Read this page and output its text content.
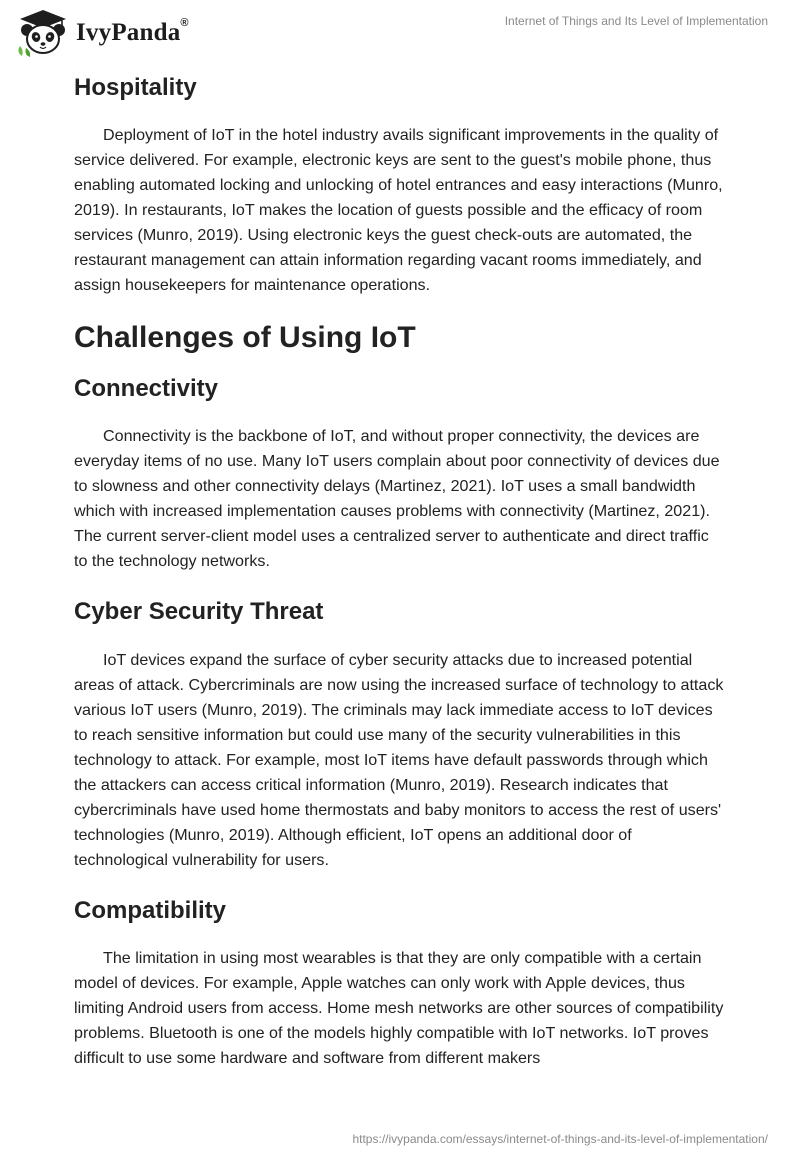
IvyPanda®	Internet of Things and Its Level of Implementation
Hospitality

Deployment of IoT in the hotel industry avails significant improvements in the quality of service delivered. For example, electronic keys are sent to the guest's mobile phone, thus enabling automated locking and unlocking of hotel entrances and easy interactions (Munro, 2019). In restaurants, IoT makes the location of guests possible and the efficacy of room services (Munro, 2019). Using electronic keys the guest check-outs are automated, the restaurant management can attain information regarding vacant rooms immediately, and assign housekeepers for maintenance operations.

Challenges of Using IoT
Connectivity

Connectivity is the backbone of IoT, and without proper connectivity, the devices are everyday items of no use. Many IoT users complain about poor connectivity of devices due to slowness and other connectivity delays (Martinez, 2021). IoT uses a small bandwidth which with increased implementation causes problems with connectivity (Martinez, 2021). The current server-client model uses a centralized server to authenticate and direct traffic to the technology networks.

Cyber Security Threat

IoT devices expand the surface of cyber security attacks due to increased potential areas of attack. Cybercriminals are now using the increased surface of technology to attack various IoT users (Munro, 2019). The criminals may lack immediate access to IoT devices to reach sensitive information but could use many of the security vulnerabilities in this technology to attack. For example, most IoT items have default passwords through which the attackers can access critical information (Munro, 2019). Research indicates that cybercriminals have used home thermostats and baby monitors to access the rest of users' technologies (Munro, 2019). Although efficient, IoT opens an additional door of technological vulnerability for users.

Compatibility

The limitation in using most wearables is that they are only compatible with a certain model of devices. For example, Apple watches can only work with Apple devices, thus limiting Android users from access. Home mesh networks are other sources of compatibility problems. Bluetooth is one of the models highly compatible with IoT networks. IoT proves difficult to use some hardware and software from different makers

https://ivypanda.com/essays/internet-of-things-and-its-level-of-implementation/
